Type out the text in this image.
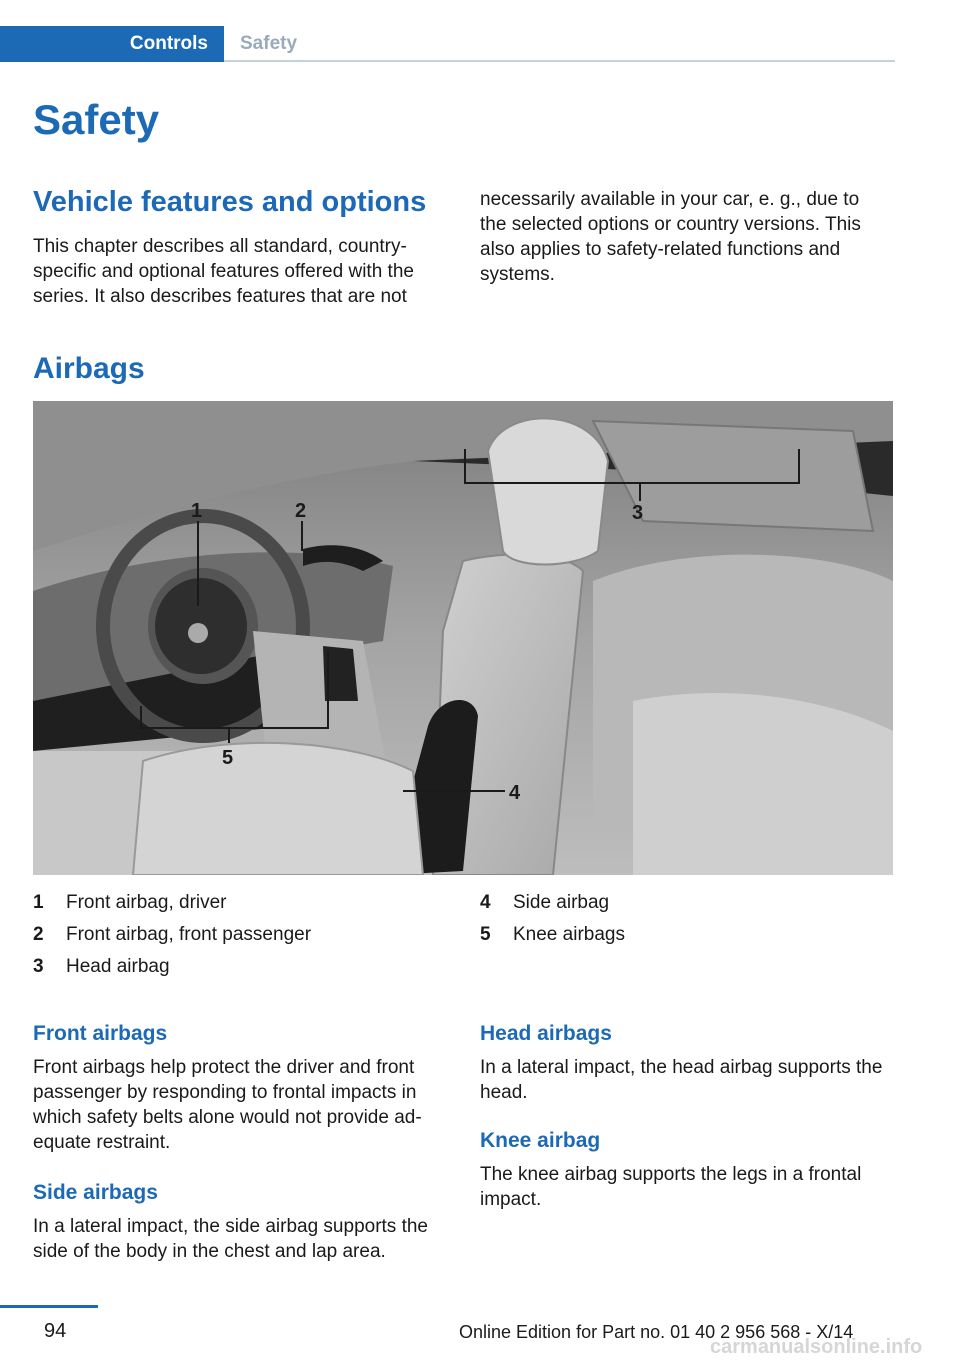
Controls	Safety
Safety
Vehicle features and options

This chapter describes all standard, country-specific and optional features offered with the series. It also describes features that are not

necessarily available in your car, e. g., due to the selected options or country versions. This also applies to safety-related functions and systems.

Airbags
1	2	3
4
5
1	Front airbag, driver
2	Front airbag, front passenger
3	Head airbag
4	Side airbag
5	Knee airbags
Front airbags

Front airbags help protect the driver and front passenger by responding to frontal impacts in which safety belts alone would not provide ad-equate restraint.

Side airbags

In a lateral impact, the side airbag supports the side of the body in the chest and lap area.

Head airbags

In a lateral impact, the head airbag supports the head.

Knee airbag

The knee airbag supports the legs in a frontal impact.

94	Online Edition for Part no. 01 40 2 956 568 - X/14
carmanualsonline.info
